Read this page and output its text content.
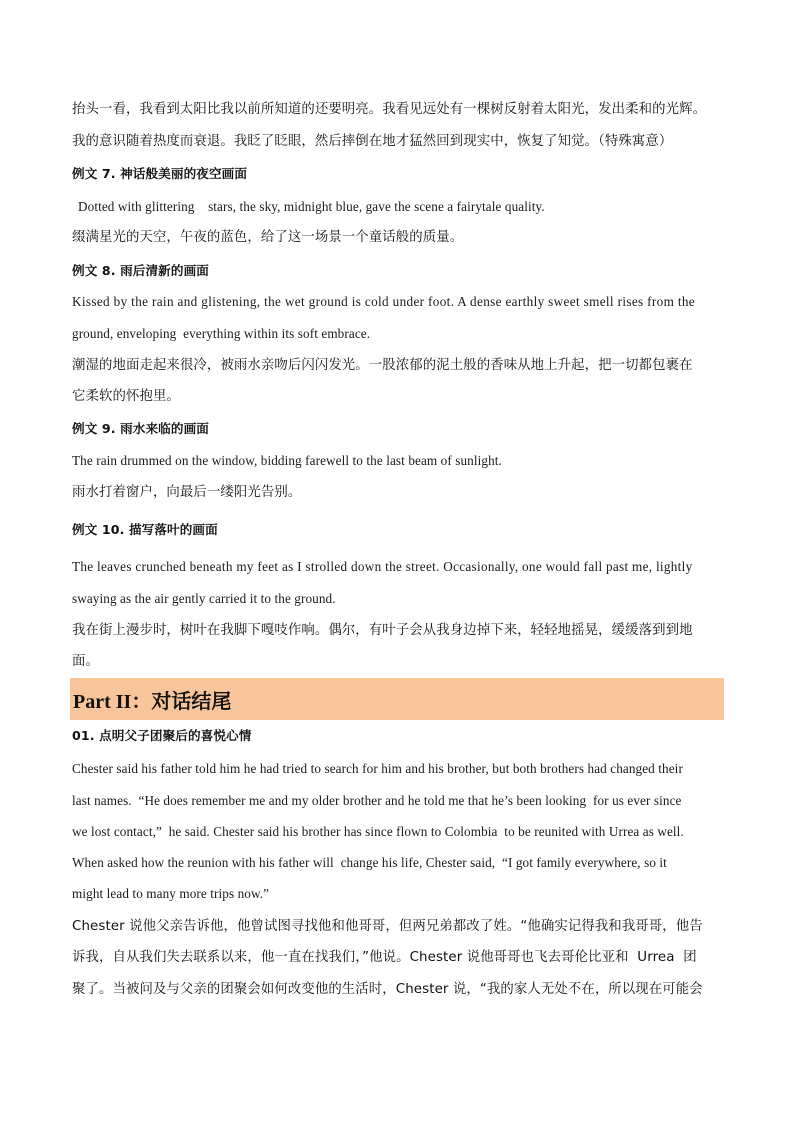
抬头一看，我看到太阳比我以前所知道的还要明亮。我看见远处有一棵树反射着太阳光，发出柔和的光辉。
我的意识随着热度而衰退。我眨了眨眼，然后摔倒在地才猛然回到现实中，恢复了知觉。（特殊寓意）
例文 7. 神话般美丽的夜空画面
Dotted with glittering    stars, the sky, midnight blue, gave the scene a fairytale quality.
缀满星光的天空，午夜的蓝色，给了这一场景一个童话般的质量。
例文 8. 雨后清新的画面
Kissed by the rain and glistening, the wet ground is cold under foot. A dense earthly sweet smell rises from the
ground, enveloping  everything within its soft embrace.
潮湿的地面走起来很冷，被雨水亲吻后闪闪发光。一股浓郁的泥土般的香味从地上升起，把一切都包裹在
它柔软的怀抱里。
例文 9. 雨水来临的画面
The rain drummed on the window, bidding farewell to the last beam of sunlight.
雨水打着窗户，向最后一缕阳光告别。
例文 10. 描写落叶的画面
The leaves crunched beneath my feet as I strolled down the street. Occasionally, one would fall past me, lightly
swaying as the air gently carried it to the ground.
我在街上漫步时，树叶在我脚下嘎吱作响。偶尔，有叶子会从我身边掉下来，轻轻地摇晃，缓缓落到到地
面。
Part II：对话结尾
01. 点明父子团聚后的喜悦心情
Chester said his father told him he had tried to search for him and his brother, but both brothers had changed their
last names.  “He does remember me and my older brother and he told me that he’s been looking  for us ever since
we lost contact,”  he said. Chester said his brother has since flown to Colombia  to be reunited with Urrea as well.
When asked how the reunion with his father will  change his life, Chester said,  “I got family everywhere, so it
might lead to many more trips now.”
Chester 说他父亲告诉他，他曾试图寻找他和他哥哥，但两兄弟都改了姓。“他确实记得我和我哥哥，他告
诉我，自从我们失去联系以来，他一直在找我们，”他说。Chester 说他哥哥也飞去哥伦比亚和  Urrea  团
聚了。当被问及与父亲的团聚会如何改变他的生活时，Chester 说，“我的家人无处不在，所以现在可能会
